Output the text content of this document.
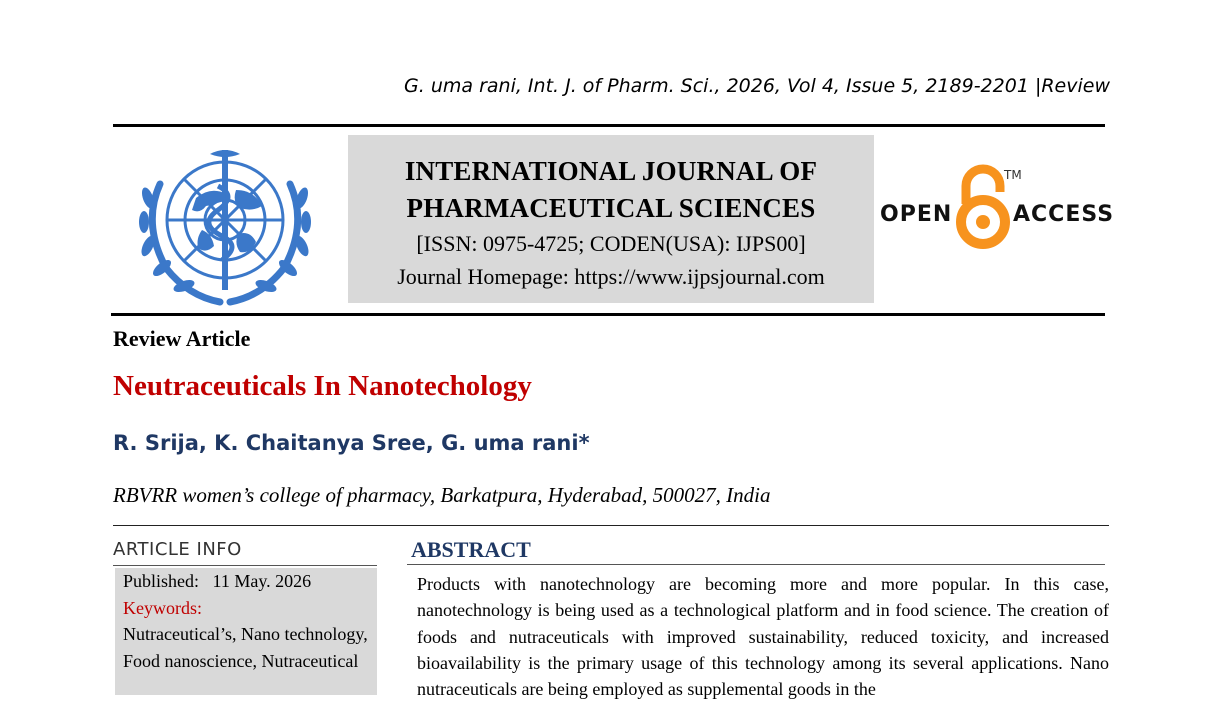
G. uma rani, Int. J. of Pharm. Sci., 2026, Vol 4, Issue 5, 2189-2201 |Review
INTERNATIONAL JOURNAL OF
PHARMACEUTICAL SCIENCES
[ISSN: 0975-4725; CODEN(USA): IJPS00]
Journal Homepage: https://www.ijpsjournal.com
OPEN
TM
ACCESS
Review Article
Neutraceuticals In Nanotechology
R. Srija, K. Chaitanya Sree, G. uma rani*
RBVRR women’s college of pharmacy, Barkatpura, Hyderabad, 500027, India
ARTICLE INFO
Published:   11 May. 2026
Keywords:
Nutraceutical’s, Nano technology, Food nanoscience, Nutraceutical
ABSTRACT
Products with nanotechnology are becoming more and more popular. In this case, nanotechnology is being used as a technological platform and in food science. The creation of foods and nutraceuticals with improved sustainability, reduced toxicity, and increased bioavailability is the primary usage of this technology among its several applications. Nano nutraceuticals are being employed as supplemental goods in the
